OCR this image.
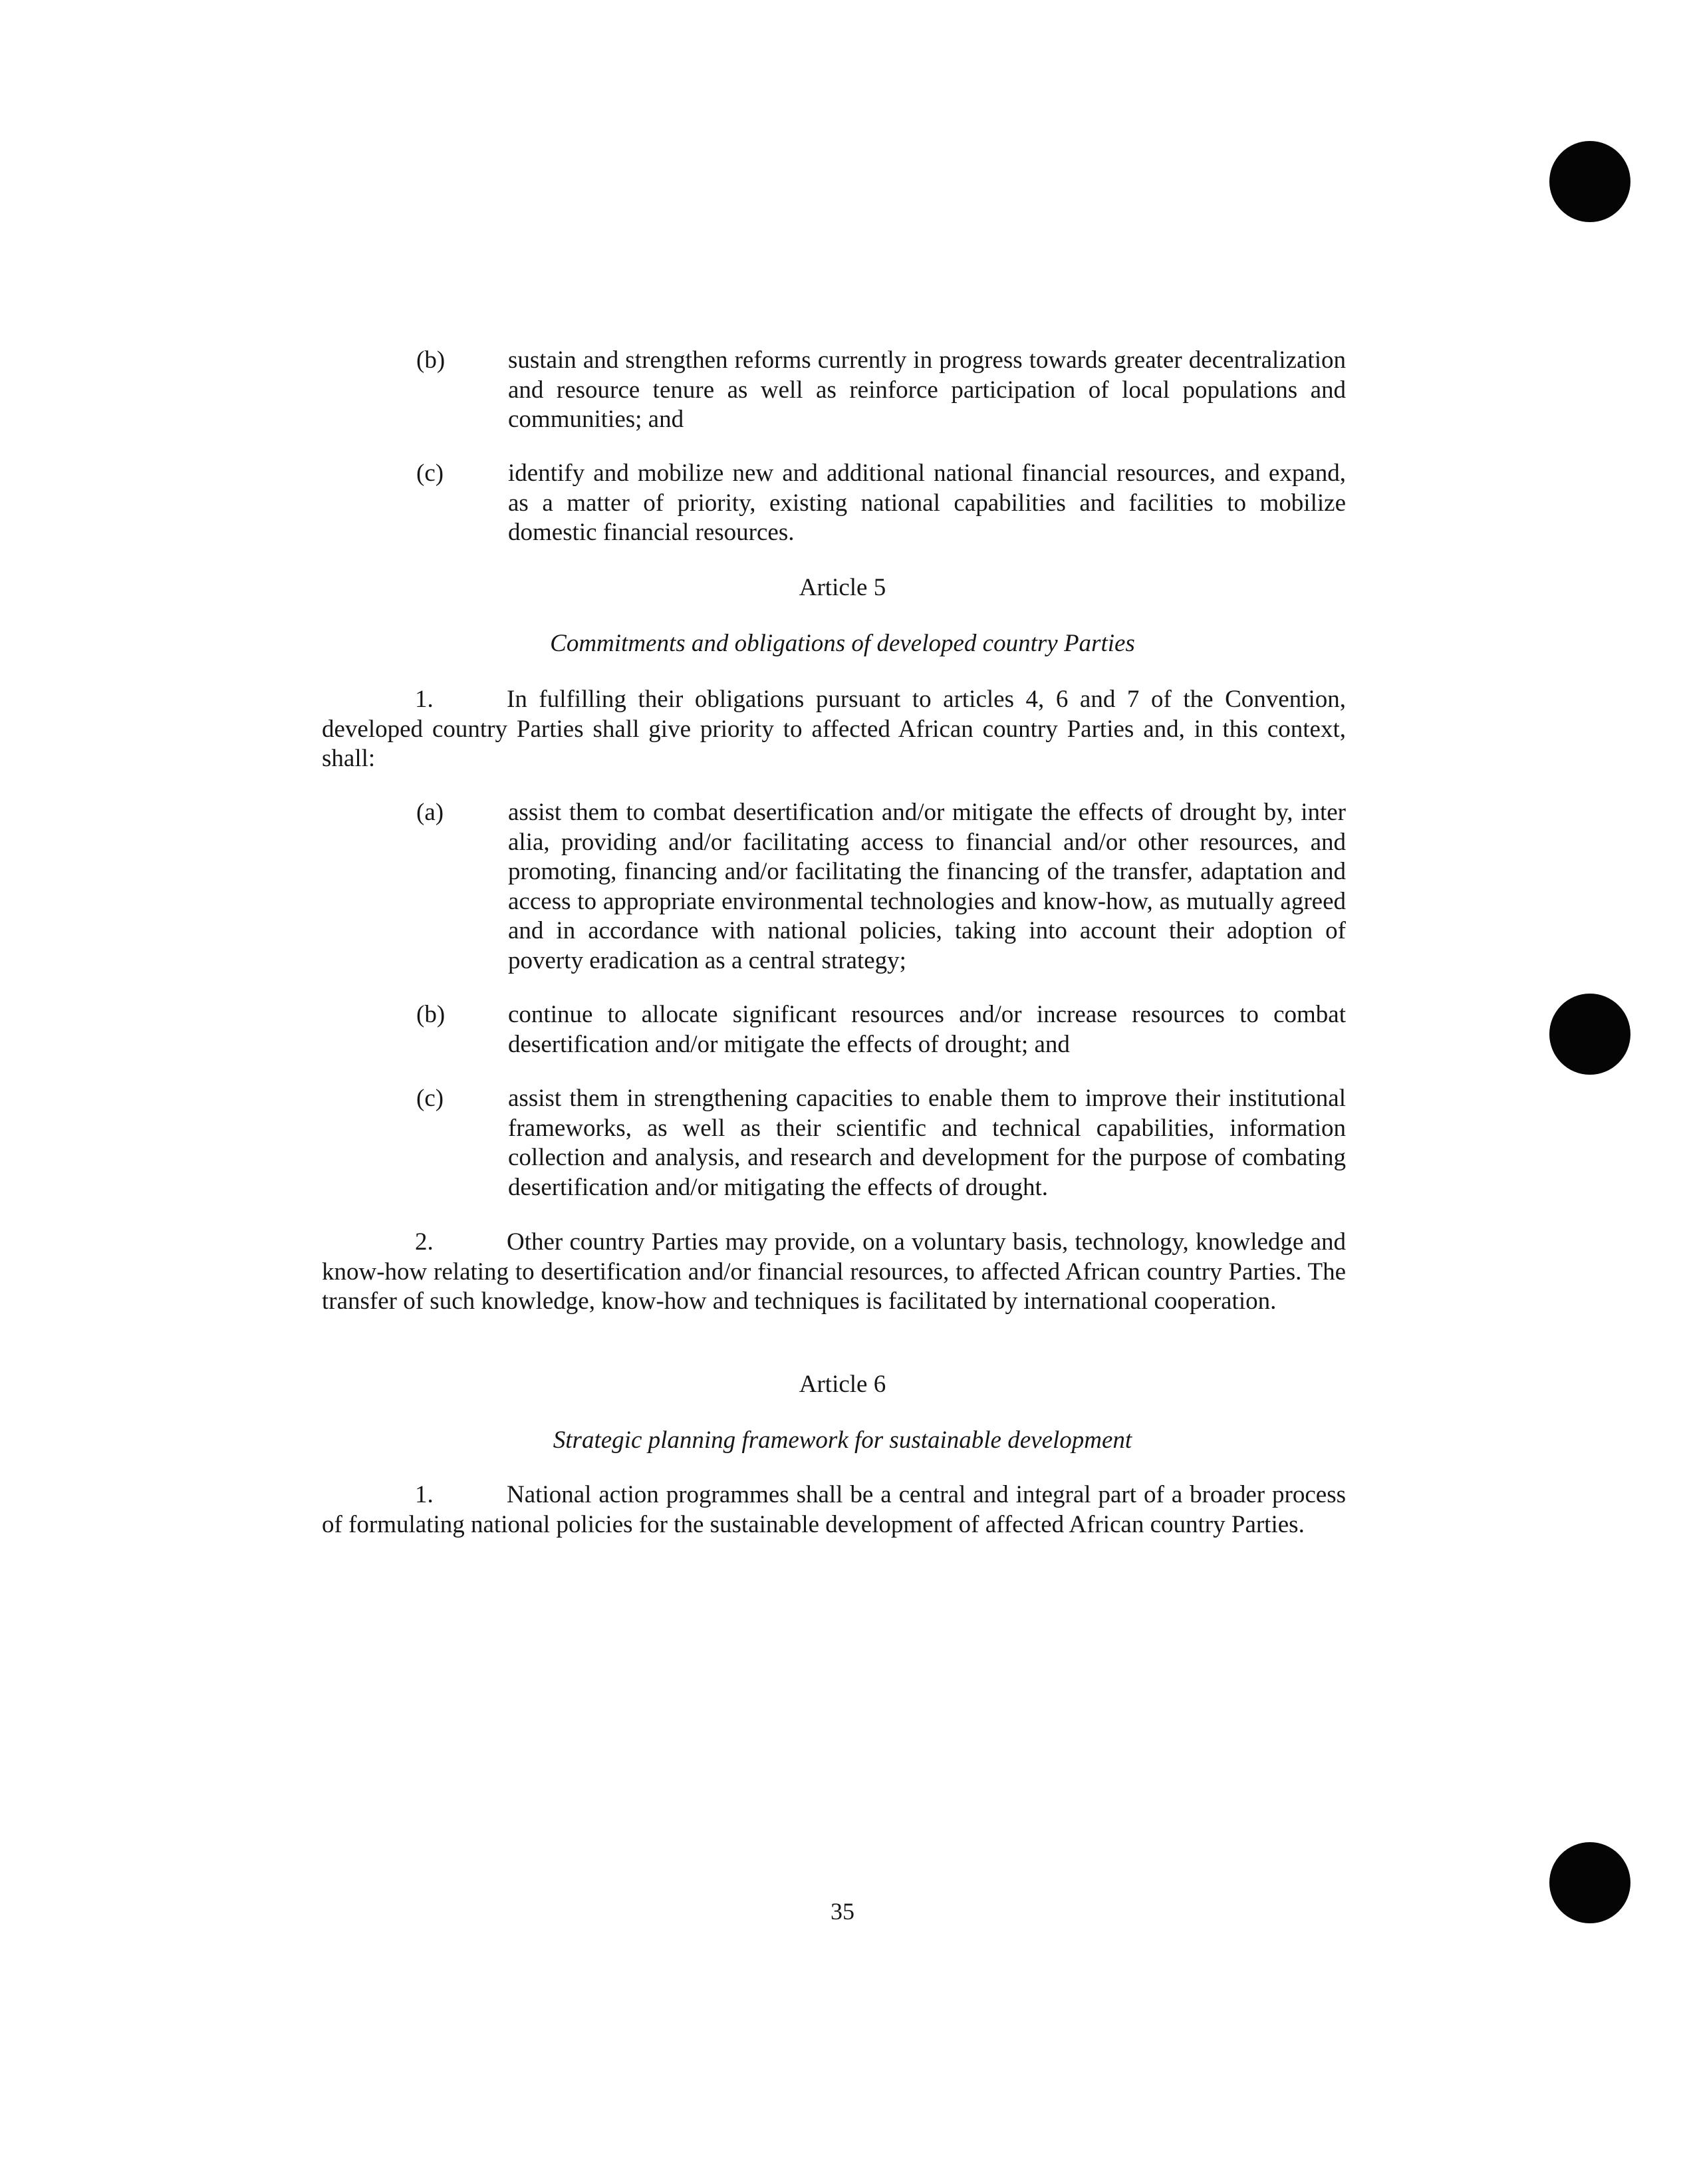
(b)	sustain and strengthen reforms currently in progress towards greater decentralization and resource tenure as well as reinforce participation of local populations and communities; and
(c)	identify and mobilize new and additional national financial resources, and expand, as a matter of priority, existing national capabilities and facilities to mobilize domestic financial resources.
Article 5
Commitments and obligations of developed country Parties
1.	In fulfilling their obligations pursuant to articles 4, 6 and 7 of the Convention, developed country Parties shall give priority to affected African country Parties and, in this context, shall:
(a)	assist them to combat desertification and/or mitigate the effects of drought by, inter alia, providing and/or facilitating access to financial and/or other resources, and promoting, financing and/or facilitating the financing of the transfer, adaptation and access to appropriate environmental technologies and know-how, as mutually agreed and in accordance with national policies, taking into account their adoption of poverty eradication as a central strategy;
(b)	continue to allocate significant resources and/or increase resources to combat desertification and/or mitigate the effects of drought; and
(c)	assist them in strengthening capacities to enable them to improve their institutional frameworks, as well as their scientific and technical capabilities, information collection and analysis, and research and development for the purpose of combating desertification and/or mitigating the effects of drought.
2.	Other country Parties may provide, on a voluntary basis, technology, knowledge and know-how relating to desertification and/or financial resources, to affected African country Parties. The transfer of such knowledge, know-how and techniques is facilitated by international cooperation.
Article 6
Strategic planning framework for sustainable development
1.	National action programmes shall be a central and integral part of a broader process of formulating national policies for the sustainable development of affected African country Parties.
35
